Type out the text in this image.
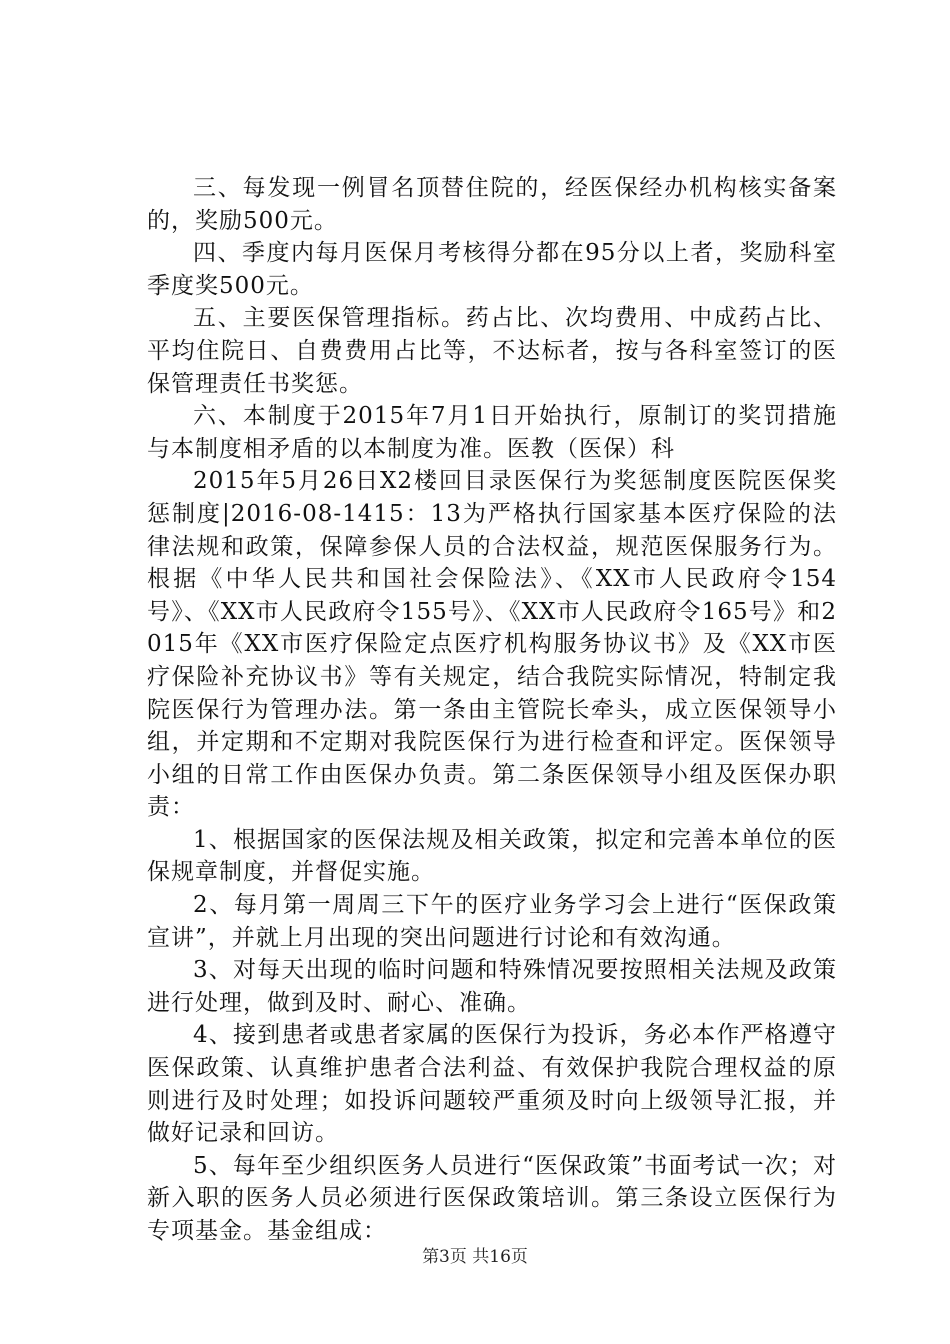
三、每发现一例冒名顶替住院的，经医保经办机构核实备案的，奖励500元。

四、季度内每月医保月考核得分都在95分以上者，奖励科室季度奖500元。

五、主要医保管理指标。药占比、次均费用、中成药占比、平均住院日、自费费用占比等，不达标者，按与各科室签订的医保管理责任书奖惩。

六、本制度于2015年7月1日开始执行，原制订的奖罚措施与本制度相矛盾的以本制度为准。医教（医保）科

2015年5月26日X2楼回目录医保行为奖惩制度医院医保奖惩制度|2016-08-1415：13为严格执行国家基本医疗保险的法律法规和政策，保障参保人员的合法权益，规范医保服务行为。根据《中华人民共和国社会保险法》、《XX市人民政府令154号》、《XX市人民政府令155号》、《XX市人民政府令165号》和2015年《XX市医疗保险定点医疗机构服务协议书》及《XX市医疗保险补充协议书》等有关规定，结合我院实际情况，特制定我院医保行为管理办法。第一条由主管院长牵头，成立医保领导小组，并定期和不定期对我院医保行为进行检查和评定。医保领导小组的日常工作由医保办负责。第二条医保领导小组及医保办职责：

1、根据国家的医保法规及相关政策，拟定和完善本单位的医保规章制度，并督促实施。

2、每月第一周周三下午的医疗业务学习会上进行“医保政策宣讲”，并就上月出现的突出问题进行讨论和有效沟通。

3、对每天出现的临时问题和特殊情况要按照相关法规及政策进行处理，做到及时、耐心、准确。

4、接到患者或患者家属的医保行为投诉，务必本作严格遵守医保政策、认真维护患者合法利益、有效保护我院合理权益的原则进行及时处理；如投诉问题较严重须及时向上级领导汇报，并做好记录和回访。

5、每年至少组织医务人员进行“医保政策”书面考试一次；对新入职的医务人员必须进行医保政策培训。第三条设立医保行为专项基金。基金组成：

第3页 共16页
